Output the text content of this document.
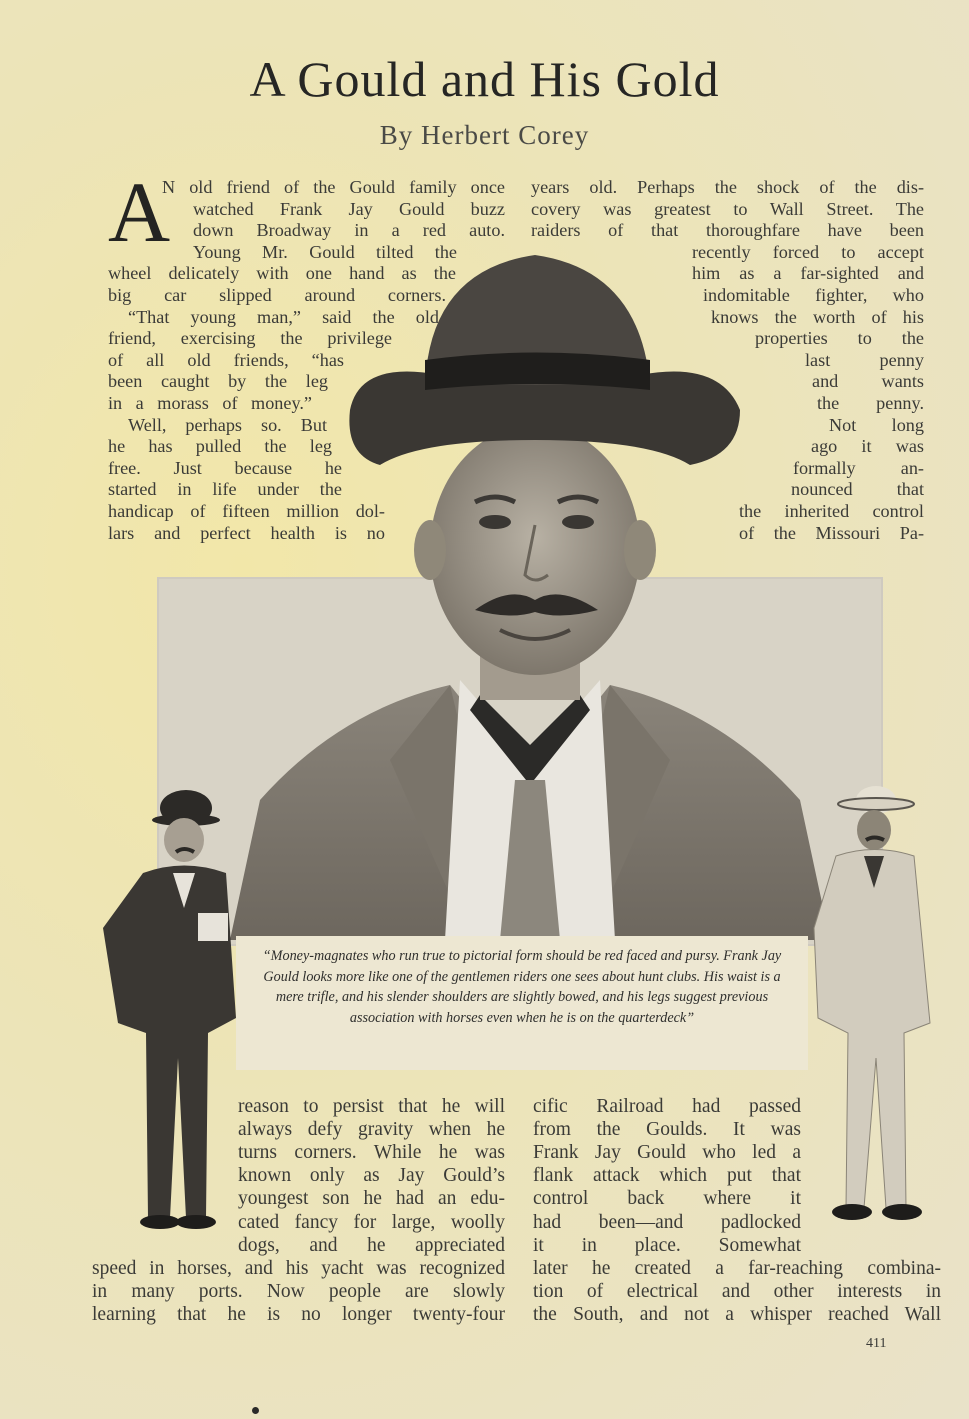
A Gould and His Gold
By Herbert Corey
A
N old friend of the Gould family once
watched Frank Jay Gould buzz
down Broadway in a red auto.
Young Mr. Gould tilted the
wheel delicately with one hand as the
big car slipped around corners.
“That young man,” said the old
friend, exercising the privilege
of all old friends, “has
been caught by the leg
in a morass of money.”
Well, perhaps so. But
he has pulled the leg
free. Just because he
started in life under the
handicap of fifteen million dol-
lars and perfect health is no
years old. Perhaps the shock of the dis-
covery was greatest to Wall Street. The
raiders of that thoroughfare have been
recently forced to accept
him as a far-sighted and
indomitable fighter, who
knows the worth of his
properties to the
last penny
and wants
the penny.
Not long
ago it was
formally an-
nounced that
the inherited control
of the Missouri Pa-
“Money-magnates who run true to pictorial form should be red faced and pursy. Frank Jay Gould looks more like one of the gentlemen riders one sees about hunt clubs. His waist is a mere trifle, and his slender shoulders are slightly bowed, and his legs suggest previous association with horses even when he is on the quarterdeck”
reason to persist that he will
always defy gravity when he
turns corners. While he was
known only as Jay Gould’s
youngest son he had an edu-
cated fancy for large, woolly
dogs, and he appreciated
speed in horses, and his yacht was recognized
in many ports. Now people are slowly
learning that he is no longer twenty-four
cific Railroad had passed
from the Goulds. It was
Frank Jay Gould who led a
flank attack which put that
control back where it
had been—and padlocked
it in place. Somewhat
later he created a far-reaching combina-
tion of electrical and other interests in
the South, and not a whisper reached Wall
411
